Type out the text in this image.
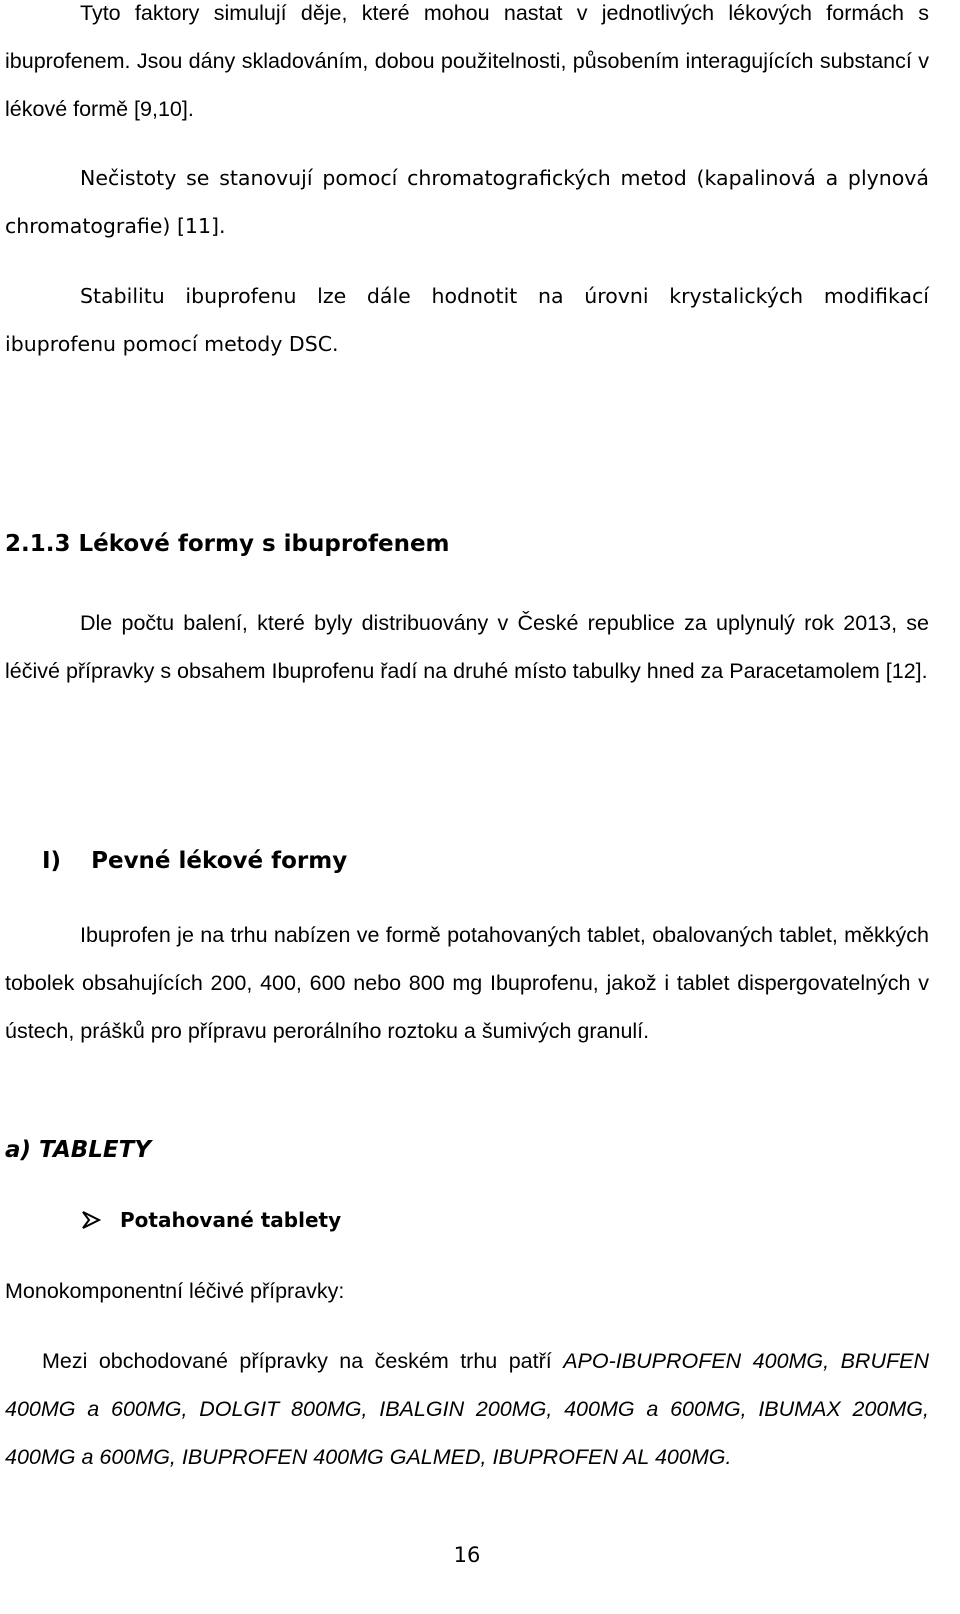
Tyto faktory simulují děje, které mohou nastat v jednotlivých lékových formách s ibuprofenem. Jsou dány skladováním, dobou použitelnosti, působením interagujících substancí v lékové formě [9,10].

Nečistoty se stanovují pomocí chromatografických metod (kapalinová a plynová chromatografie) [11].

Stabilitu ibuprofenu lze dále hodnotit na úrovni krystalických modifikací ibuprofenu pomocí metody DSC.

2.1.3 Lékové formy s ibuprofenem

Dle počtu balení, které byly distribuovány v České republice za uplynulý rok 2013, se léčivé přípravky s obsahem Ibuprofenu řadí na druhé místo tabulky hned za Paracetamolem [12].

I) Pevné lékové formy

Ibuprofen je na trhu nabízen ve formě potahovaných tablet, obalovaných tablet, měkkých tobolek obsahujících 200, 400, 600 nebo 800 mg Ibuprofenu, jakož i tablet dispergovatelných v ústech, prášků pro přípravu perorálního roztoku a šumivých granulí.

a) TABLETY
Potahované tablety

Monokomponentní léčivé přípravky:

Mezi obchodované přípravky na českém trhu patří APO-IBUPROFEN 400MG, BRUFEN 400MG a 600MG, DOLGIT 800MG, IBALGIN 200MG, 400MG a 600MG, IBUMAX 200MG, 400MG a 600MG, IBUPROFEN 400MG GALMED, IBUPROFEN AL 400MG.

16
